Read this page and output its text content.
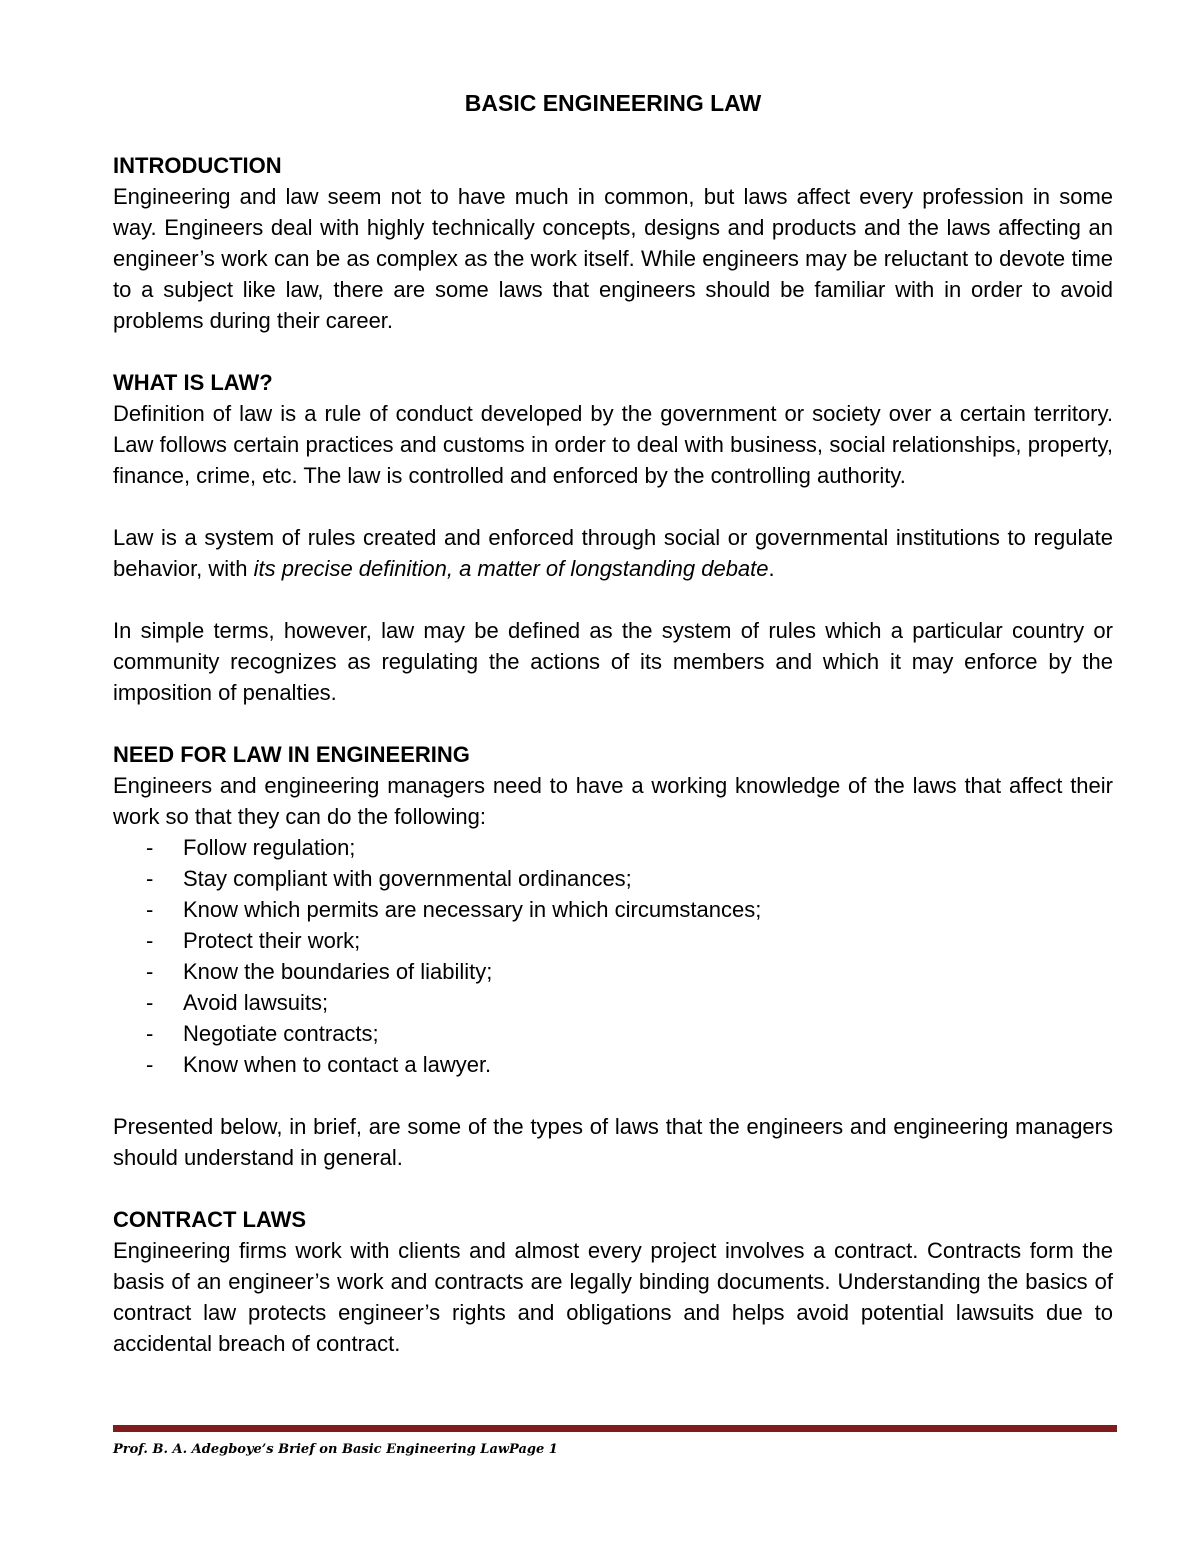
BASIC ENGINEERING LAW

INTRODUCTION

Engineering and law seem not to have much in common, but laws affect every profession in some way. Engineers deal with highly technically concepts, designs and products and the laws affecting an engineer’s work can be as complex as the work itself. While engineers may be reluctant to devote time to a subject like law, there are some laws that engineers should be familiar with in order to avoid problems during their career.

WHAT IS LAW?

Definition of law is a rule of conduct developed by the government or society over a certain territory. Law follows certain practices and customs in order to deal with business, social relationships, property, finance, crime, etc. The law is controlled and enforced by the controlling authority.

Law is a system of rules created and enforced through social or governmental institutions to regulate behavior, with its precise definition, a matter of longstanding debate.

In simple terms, however, law may be defined as the system of rules which a particular country or community recognizes as regulating the actions of its members and which it may enforce by the imposition of penalties.

NEED FOR LAW IN ENGINEERING

Engineers and engineering managers need to have a working knowledge of the laws that affect their work so that they can do the following:

- Follow regulation;
- Stay compliant with governmental ordinances;
- Know which permits are necessary in which circumstances;
- Protect their work;
- Know the boundaries of liability;
- Avoid lawsuits;
- Negotiate contracts;
- Know when to contact a lawyer.

Presented below, in brief, are some of the types of laws that the engineers and engineering managers should understand in general.

CONTRACT LAWS

Engineering firms work with clients and almost every project involves a contract. Contracts form the basis of an engineer’s work and contracts are legally binding documents. Understanding the basics of contract law protects engineer’s rights and obligations and helps avoid potential lawsuits due to accidental breach of contract.

Prof. B. A. Adegboye’s Brief on Basic Engineering LawPage 1
